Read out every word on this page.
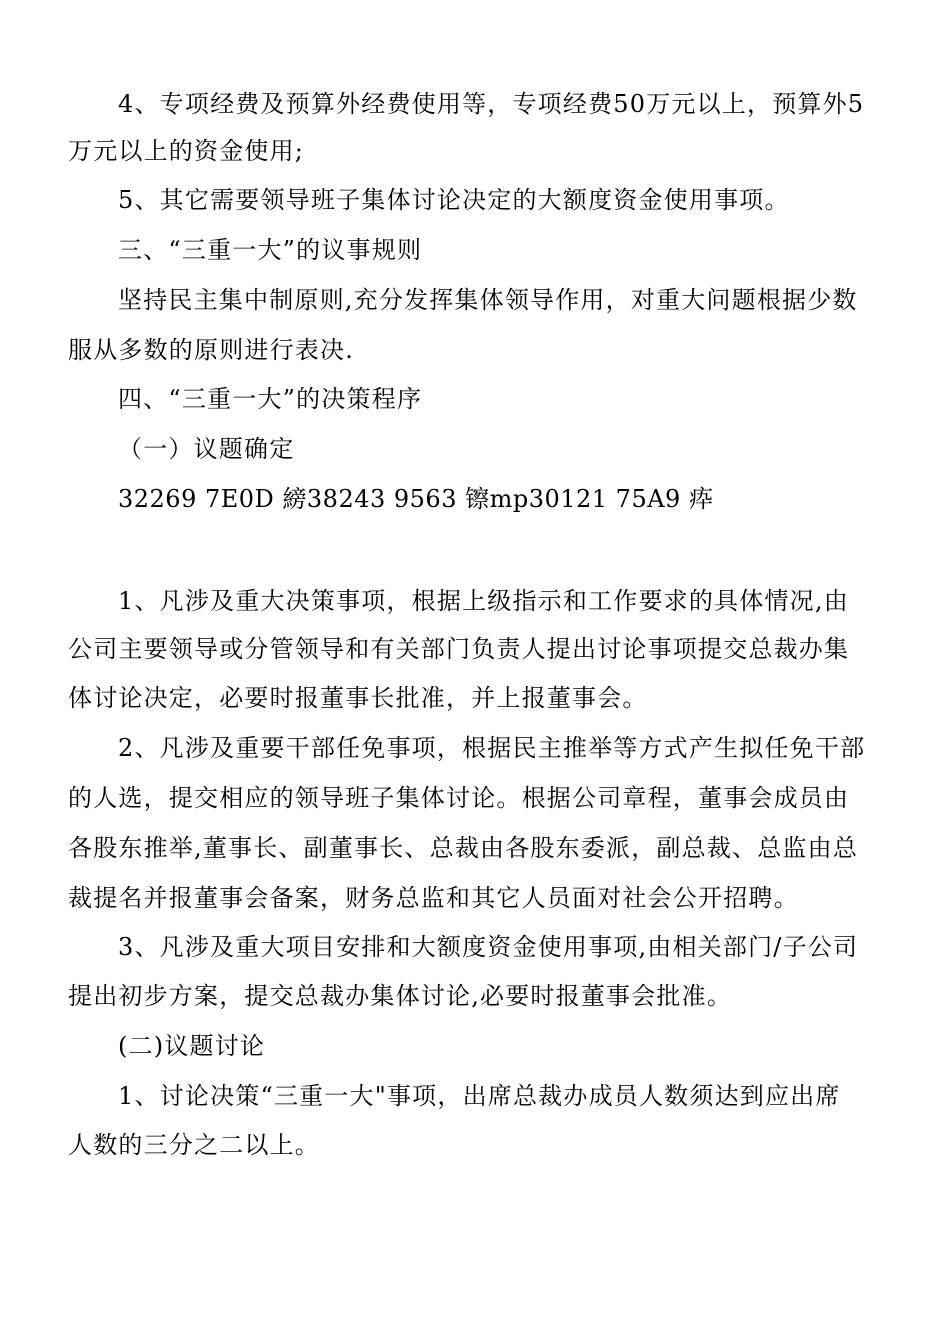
4、专项经费及预算外经费使用等，专项经费50万元以上，预算外5
万元以上的资金使用;
5、其它需要领导班子集体讨论决定的大额度资金使用事项。
三、“三重一大”的议事规则
坚持民主集中制原则,充分发挥集体领导作用，对重大问题根据少数
服从多数的原则进行表决.
四、“三重一大”的决策程序
（一）议题确定
32269 7E0D 縍38243 9563 镲mp30121 75A9 疩
1、凡涉及重大决策事项，根据上级指示和工作要求的具体情况,由
公司主要领导或分管领导和有关部门负责人提出讨论事项提交总裁办集
体讨论决定，必要时报董事长批准，并上报董事会。
2、凡涉及重要干部任免事项，根据民主推举等方式产生拟任免干部
的人选，提交相应的领导班子集体讨论。根据公司章程，董事会成员由
各股东推举,董事长、副董事长、总裁由各股东委派，副总裁、总监由总
裁提名并报董事会备案，财务总监和其它人员面对社会公开招聘。
3、凡涉及重大项目安排和大额度资金使用事项,由相关部门/子公司
提出初步方案，提交总裁办集体讨论,必要时报董事会批准。
(二)议题讨论
1、讨论决策“三重一大"事项，出席总裁办成员人数须达到应出席
人数的三分之二以上。
